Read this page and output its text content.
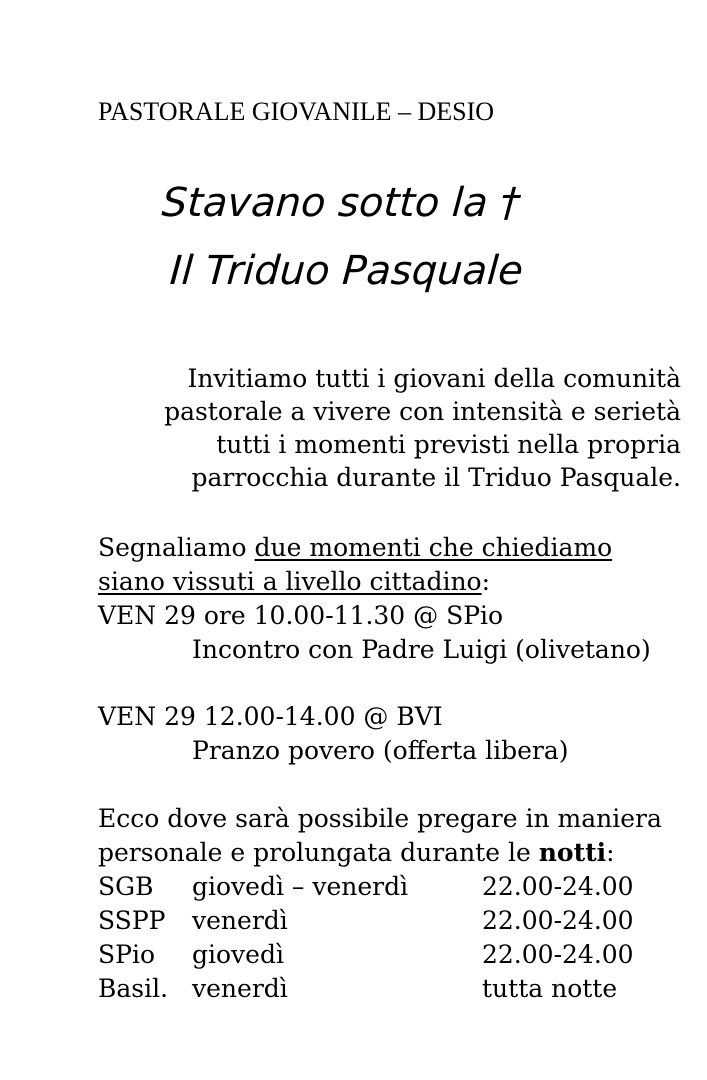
PASTORALE GIOVANILE – DESIO
Stavano sotto la †
Il Triduo Pasquale
Invitiamo tutti i giovani della comunità
pastorale a vivere con intensità e serietà
tutti i momenti previsti nella propria
parrocchia durante il Triduo Pasquale.
Segnaliamo due momenti che chiediamo
siano vissuti a livello cittadino:
VEN 29 ore 10.00-11.30 @ SPio
Incontro con Padre Luigi (olivetano)
VEN 29 12.00-14.00 @ BVI
Pranzo povero (offerta libera)
Ecco dove sarà possibile pregare in maniera
personale e prolungata durante le notti:
SGB giovedì – venerdì	22.00-24.00
SSPP venerdì	22.00-24.00
SPio giovedì	22.00-24.00
Basil. venerdì	tutta notte
